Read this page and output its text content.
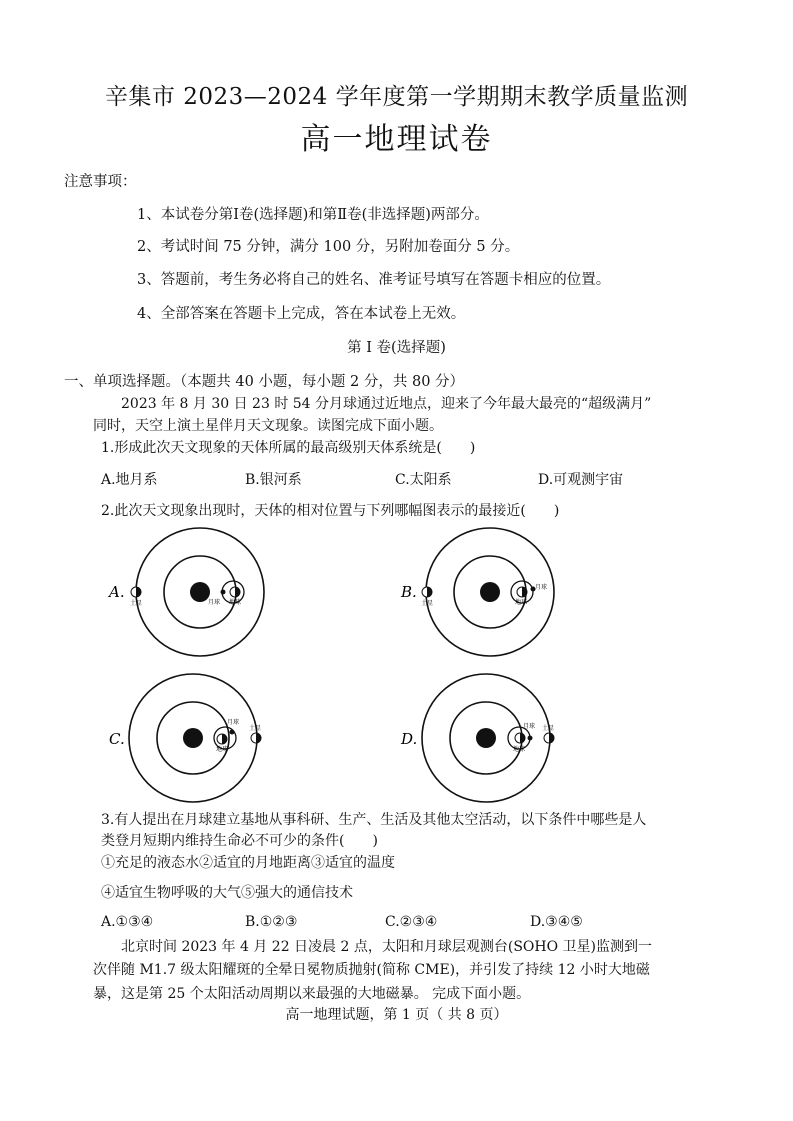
辛集市 2023—2024 学年度第一学期期末教学质量监测
高一地理试卷
注意事项：
1、本试卷分第Ⅰ卷(选择题)和第Ⅱ卷(非选择题)两部分。
2、考试时间 75 分钟，满分 100 分，另附加卷面分 5 分。
3、答题前，考生务必将自己的姓名、准考证号填写在答题卡相应的位置。
4、全部答案在答题卡上完成，答在本试卷上无效。
第 Ⅰ 卷(选择题)
一、单项选择题。（本题共 40 小题，每小题 2 分，共 80 分）
2023 年 8 月 30 日 23 时 54 分月球通过近地点，迎来了今年最大最亮的“超级满月”
同时，天空上演土星伴月天文现象。读图完成下面小题。
1.形成此次天文现象的天体所属的最高级别天体系统是(　　)
A.地月系	B.银河系	C.太阳系	D.可观测宇宙
2.此次天文现象出现时，天体的相对位置与下列哪幅图表示的最接近(　　)
A.
土星	月球 地球
B.
土星
月球
地球
C.
土星
月球
地球
D.
土星
月球
地球
3.有人提出在月球建立基地从事科研、生产、生活及其他太空活动，以下条件中哪些是人
类登月短期内维持生命必不可少的条件(　　)
①充足的液态水②适宜的月地距离③适宜的温度
④适宜生物呼吸的大气⑤强大的通信技术
A.①③④	B.①②③	C.②③④	D.③④⑤
北京时间 2023 年 4 月 22 日凌晨 2 点，太阳和月球层观测台(SOHO 卫星)监测到一
次伴随 M1.7 级太阳耀斑的全晕日冕物质抛射(简称 CME)，并引发了持续 12 小时大地磁
暴，这是第 25 个太阳活动周期以来最强的大地磁暴。 完成下面小题。
高一地理试题，第 1 页（ 共 8 页）
